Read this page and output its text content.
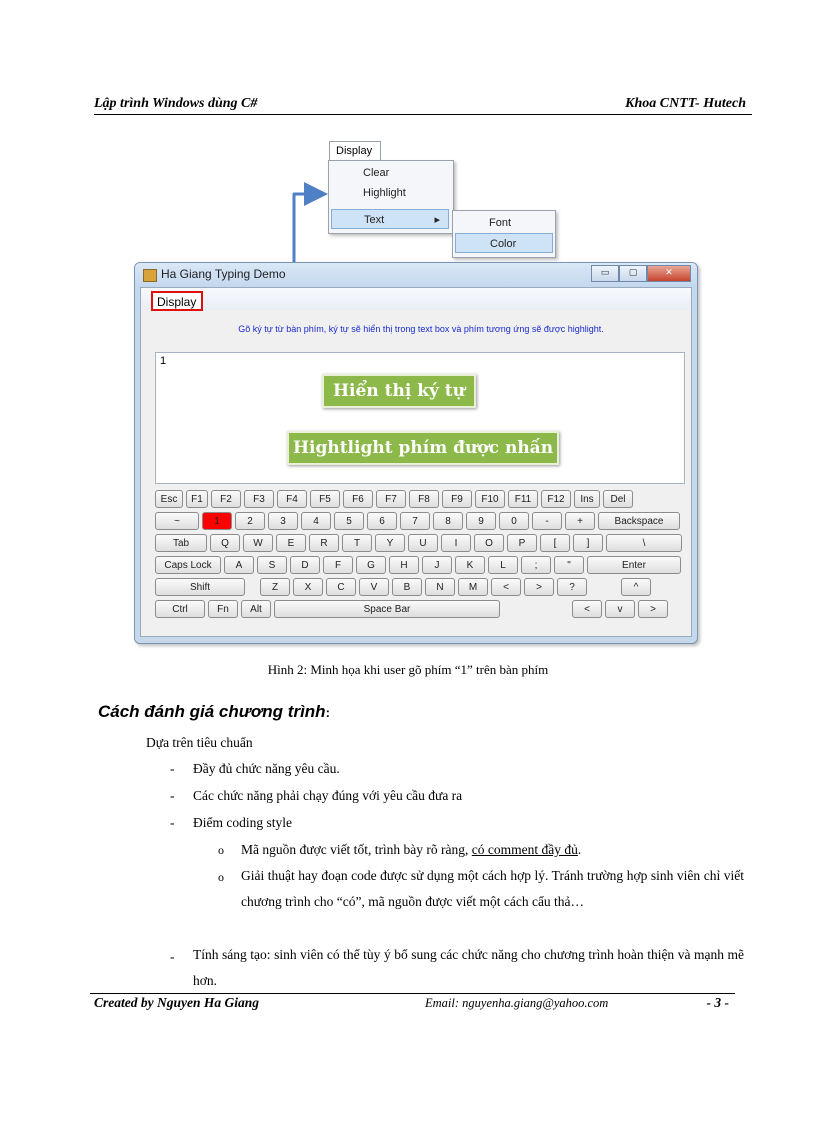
Lập trình Windows dùng C#	Khoa CNTT- Hutech
Ha Giang Typing Demo	▭	▢	✕
Display
Gõ ký tự từ bàn phím, ký tự sẽ hiển thị trong text box và phím tương ứng sẽ được highlight.
1
Esc	F1	F2	F3	F4	F5	F6	F7	F8	F9	F10	F11	F12	Ins	Del
~	1	2	3	4	5	6	7	8	9	0	-	+	Backspace
Tab	Q	W	E	R	T	Y	U	I	O	P	[	]	\
Caps Lock	A	S	D	F	G	H	J	K	L	;	"	Enter
Shift	Z	X	C	V	B	N	M	<	>	?	^
Ctrl	Fn	Alt	Space Bar	<	v	>
Hiển thị ký tự
Hightlight phím được nhấn
Display
Clear
Highlight
Text	▸	Font
Color
Hình 2: Minh họa khi user gõ phím “1” trên bàn phím
Cách đánh giá chương trình:
Dựa trên tiêu chuẩn
- Đầy đủ chức năng yêu cầu.
- Các chức năng phải chạy đúng với yêu cầu đưa ra
- Điểm coding style
o Mã nguồn được viết tốt, trình bày rõ ràng, có comment đầy đủ.
o Giải thuật hay đoạn code được sử dụng một cách hợp lý. Tránh trường hợp sinh viên chỉ viết chương trình cho “có”, mã nguồn được viết một cách cẩu thả…
- Tính sáng tạo: sinh viên có thể tùy ý bổ sung các chức năng cho chương trình hoàn thiện và mạnh mẽ hơn.
Created by Nguyen Ha Giang	Email: nguyenha.giang@yahoo.com	- 3 -
